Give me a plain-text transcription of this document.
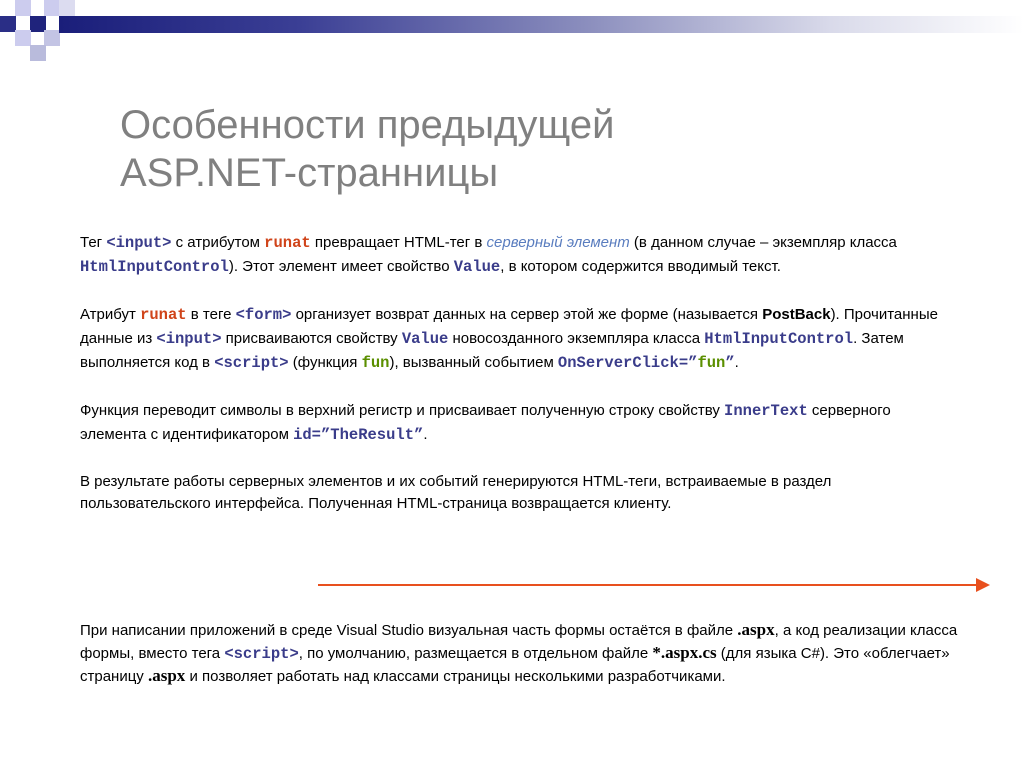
Особенности предыдущей
ASP.NET-странницы

Тег <input> с атрибутом runat превращает HTML-тег в серверный элемент (в данном случае – экземпляр класса HtmlInputControl). Этот элемент имеет свойство Value, в котором содержится вводимый текст.

Атрибут runat в теге <form> организует возврат данных на сервер этой же форме (называется PostBack). Прочитанные данные из <input> присваиваются свойству Value новосозданного экземпляра класса HtmlInputControl. Затем выполняется код в <script> (функция fun), вызванный событием OnServerClick=”fun”.

Функция переводит символы в верхний регистр и присваивает полученную строку свойству InnerText серверного элемента с идентификатором id=”TheResult”.

В результате работы серверных элементов и их событий генерируются HTML-теги, встраиваемые в раздел пользовательского интерфейса. Полученная HTML-страница возвращается клиенту.

При написании приложений в среде Visual Studio визуальная часть формы остаётся в файле .aspx, а код реализации класса формы, вместо тега <script>, по умолчанию, размещается в отдельном файле *.aspx.cs (для языка C#). Это «облегчает» страницу .aspx и позволяет работать над классами страницы несколькими разработчиками.
